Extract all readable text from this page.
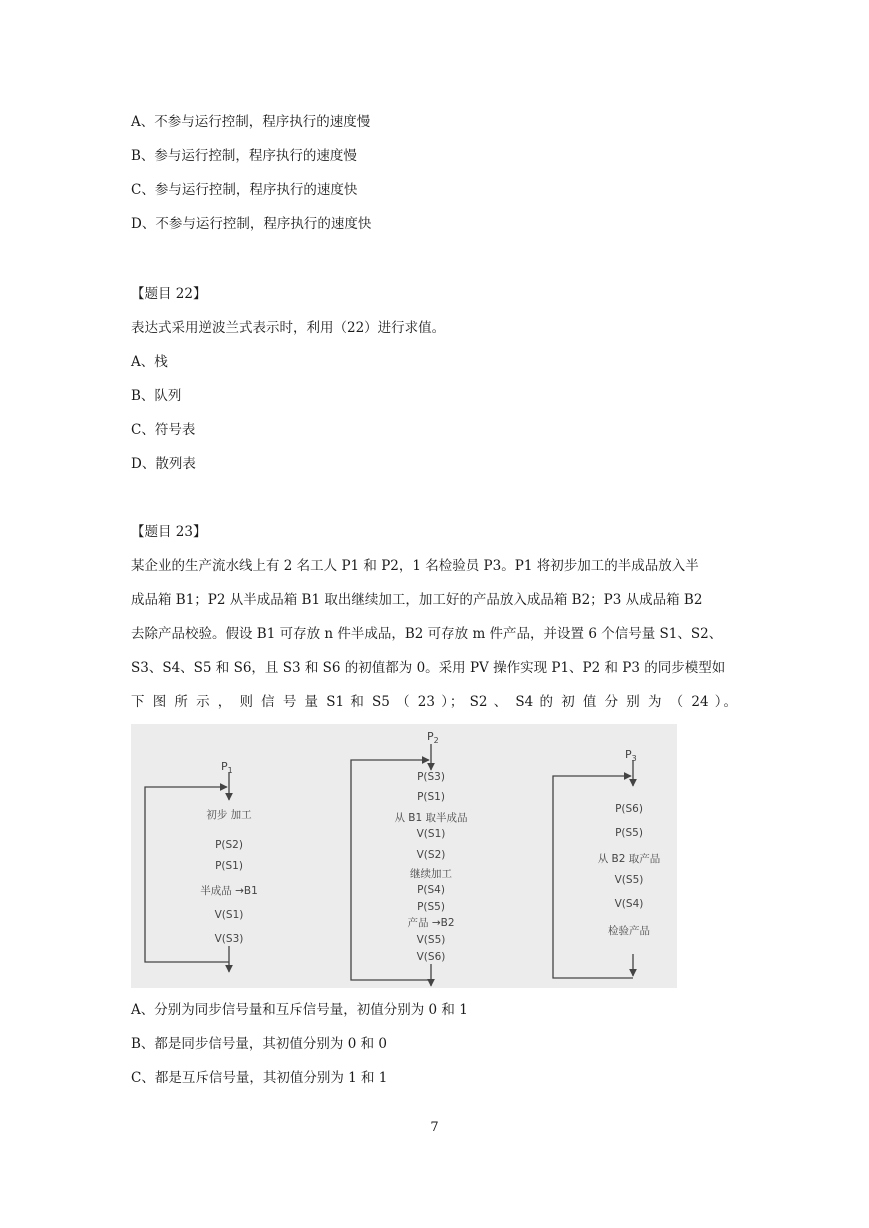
A、不参与运行控制，程序执行的速度慢
B、参与运行控制，程序执行的速度慢
C、参与运行控制，程序执行的速度快
D、不参与运行控制，程序执行的速度快
【题目 22】
表达式采用逆波兰式表示时，利用（22）进行求值。
A、栈
B、队列
C、符号表
D、散列表
【题目 23】
某企业的生产流水线上有 2 名工人 P1 和 P2，1 名检验员 P3。P1 将初步加工的半成品放入半
成品箱 B1；P2 从半成品箱 B1 取出继续加工，加工好的产品放入成品箱 B2；P3 从成品箱 B2
去除产品校验。假设 B1 可存放 n 件半成品，B2 可存放 m 件产品，并设置 6 个信号量 S1、S2、
S3、S4、S5 和 S6，且 S3 和 S6 的初值都为 0。采用 PV 操作实现 P1、P2 和 P3 的同步模型如
下 图 所 示 ， 则 信 号 量 S1 和 S5 （ 23 ）； S2 、 S4 的 初 值 分 别 为 （ 24 ）。
$P_1$
初步 加工
P(S2)
P(S1)
半成品 →B1
V(S1)
V(S3)
$P_2$
P(S3)
P(S1)
从 B1 取半成品
V(S1)
V(S2)
继续加工
P(S4)
P(S5)
产品 →B2
V(S5)
V(S6)
$P_3$
P(S6)
P(S5)
从 B2 取产品
V(S5)
V(S4)
检验产品
A、分别为同步信号量和互斥信号量，初值分别为 0 和 1
B、都是同步信号量，其初值分别为 0 和 0
C、都是互斥信号量，其初值分别为 1 和 1
7
